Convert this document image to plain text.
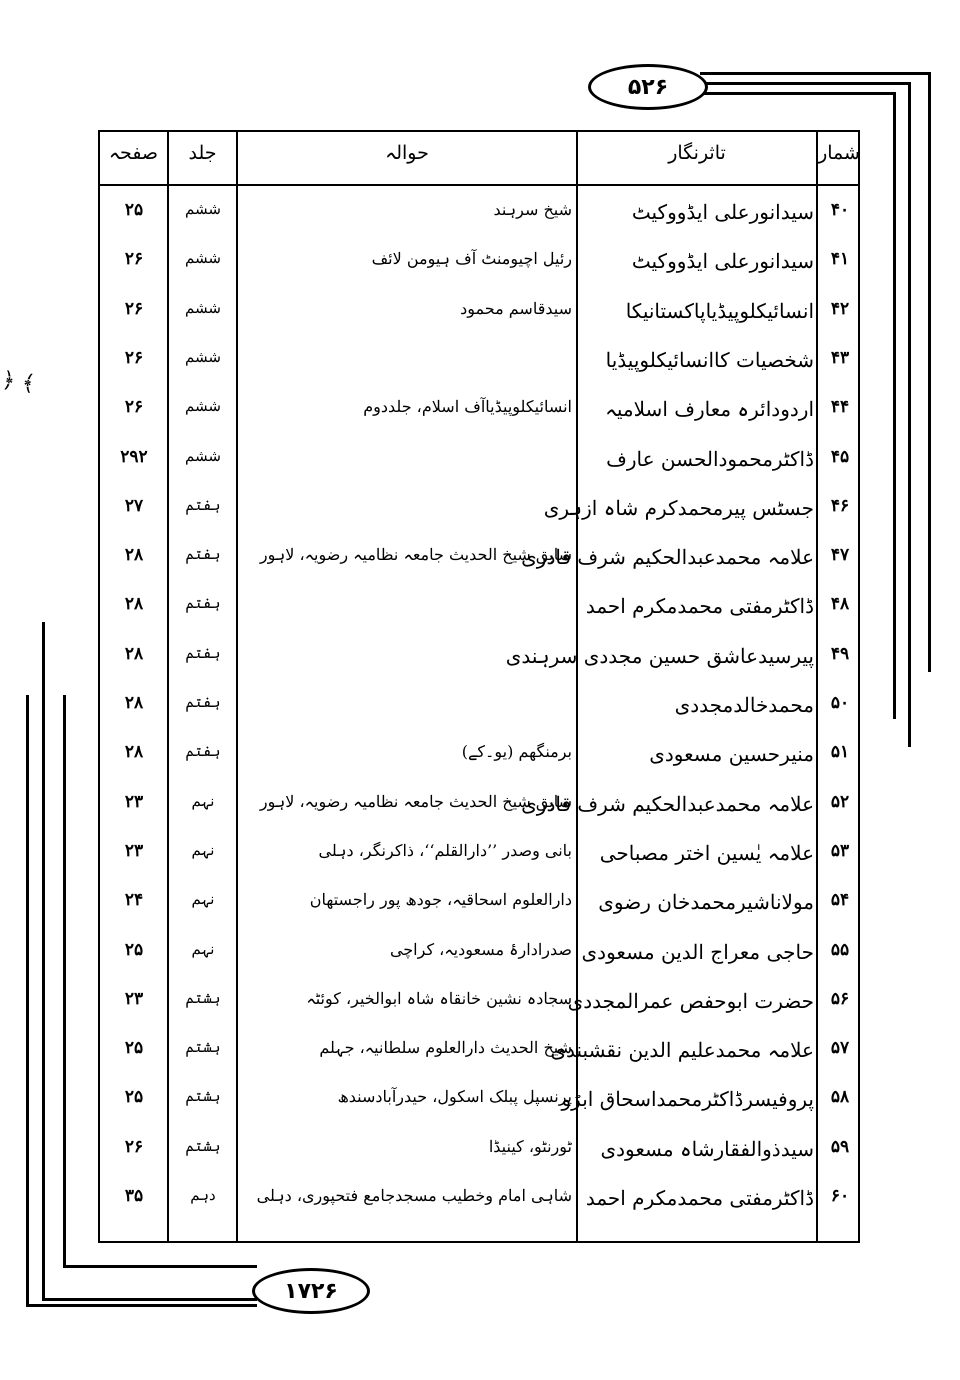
۵۲۶
۱۷۲۶
﴿ ﴾
شمار
تاثرنگار
حوالہ
جلد
صفحہ
۴۰
سیدانورعلی ایڈووکیٹ
شیخ سرہند
ششم
۲۵
۴۱
سیدانورعلی ایڈووکیٹ
رئیل اچیومنٹ آف ہیومن لائف
ششم
۲۶
۴۲
انسائیکلوپیڈیاپاکستانیکا
سیدقاسم محمود
ششم
۲۶
۴۳
شخصیات کاانسائیکلوپیڈیا
ششم
۲۶
۴۴
اردودائرہ معارف اسلامیہ
انسائیکلوپیڈیاآف اسلام، جلددوم
ششم
۲۶
۴۵
ڈاکٹرمحمودالحسن عارف
ششم
۲۹۲
۴۶
جسٹس پیرمحمدکرم شاہ ازہری
ہفتم
۲۷
۴۷
علامہ محمدعبدالحکیم شرف قادری
سابق شیخ الحدیث جامعہ نظامیہ رضویہ، لاہور
ہفتم
۲۸
۴۸
ڈاکٹرمفتی محمدمکرم احمد
ہفتم
۲۸
۴۹
پیرسیدعاشق حسین مجددی سرہندی
ہفتم
۲۸
۵۰
محمدخالدمجددی
ہفتم
۲۸
۵۱
منیرحسین مسعودی
برمنگھم (یو۔کے)
ہفتم
۲۸
۵۲
علامہ محمدعبدالحکیم شرف قادری
سابق شیخ الحدیث جامعہ نظامیہ رضویہ، لاہور
نہم
۲۳
۵۳
علامہ یٰسین اختر مصباحی
بانی وصدر ’’دارالقلم‘‘، ذاکرنگر، دہلی
نہم
۲۳
۵۴
مولاناشیرمحمدخان رضوی
دارالعلوم اسحاقیہ، جودھ پور راجستھان
نہم
۲۴
۵۵
حاجی معراج الدین مسعودی
صدرادارۂ مسعودیہ، کراچی
نہم
۲۵
۵۶
حضرت ابوحفص عمرالمجددی
سجادہ نشین خانقاہ شاہ ابوالخیر، کوئٹہ
ہشتم
۲۳
۵۷
علامہ محمدعلیم الدین نقشبندی
شیخ الحدیث دارالعلوم سلطانیہ، جہلم
ہشتم
۲۵
۵۸
پروفیسرڈاکٹرمحمداسحاق ابڑو
پرنسپل پبلک اسکول، حیدرآبادسندھ
ہشتم
۲۵
۵۹
سیدذوالفقارشاہ مسعودی
ٹورنٹو، کینیڈا
ہشتم
۲۶
۶۰
ڈاکٹرمفتی محمدمکرم احمد
شاہی امام وخطیب مسجدجامع فتحپوری، دہلی
دہم
۳۵
